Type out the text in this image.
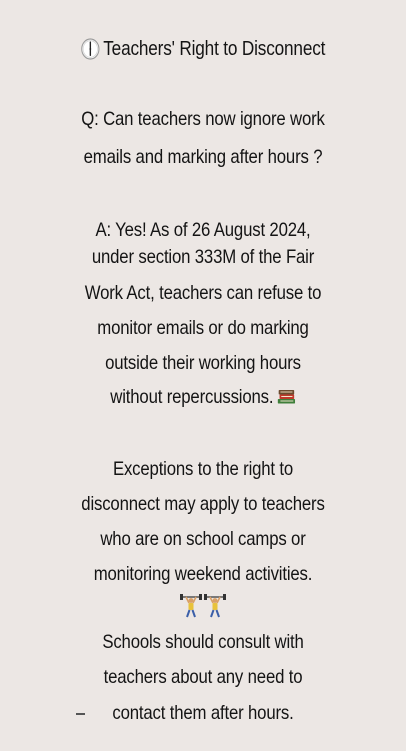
Teachers' Right to Disconnect
Q: Can teachers now ignore work
emails and marking after hours ?
A: Yes! As of 26 August 2024,
under section 333M of the Fair
Work Act, teachers can refuse to
monitor emails or do marking
outside their working hours
without repercussions.
Exceptions to the right to
disconnect may apply to teachers
who are on school camps or
monitoring weekend activities.
Schools should consult with
teachers about any need to
contact them after hours.
